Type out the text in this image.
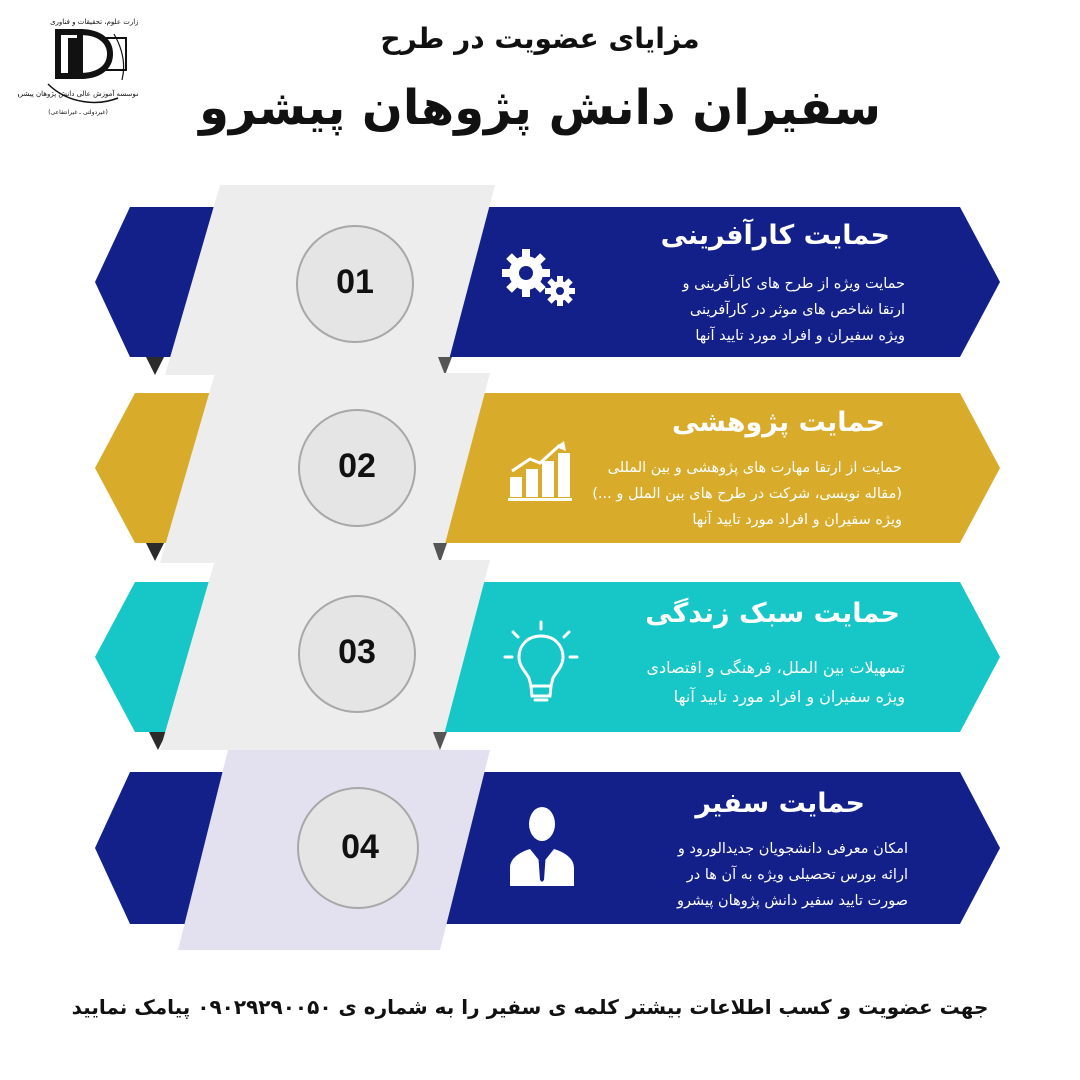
وزارت علوم، تحقیقات و فناوری
موسسه آموزش عالی دانش پژوهان پیشرو
(غیردولتی ـ غیرانتفاعی)
مزایای عضویت در طرح
سفیران دانش پژوهان پیشرو
01
حمایت کارآفرینی
حمایت ویژه از طرح های کارآفرینی و
ارتقا شاخص های موثر در کارآفرینی
ویژه سفیران و افراد مورد تایید آنها
02
حمایت پژوهشی
حمایت از ارتقا مهارت های پژوهشی و بین المللی
(مقاله نویسی، شرکت در طرح های بین الملل و ...)
ویژه سفیران و افراد مورد تایید آنها
03
حمایت سبک زندگی
تسهیلات بین الملل، فرهنگی و اقتصادی
ویژه سفیران و افراد مورد تایید آنها
04
حمایت سفیر
امکان معرفی دانشجویان جدیدالورود و
ارائه بورس تحصیلی ویژه به آن ها در
صورت تایید سفیر دانش پژوهان پیشرو
جهت عضویت و کسب اطلاعات بیشتر کلمه ی سفیر را به شماره ی ۰۹۰۲۹۲۹۰۰۵۰ پیامک نمایید
